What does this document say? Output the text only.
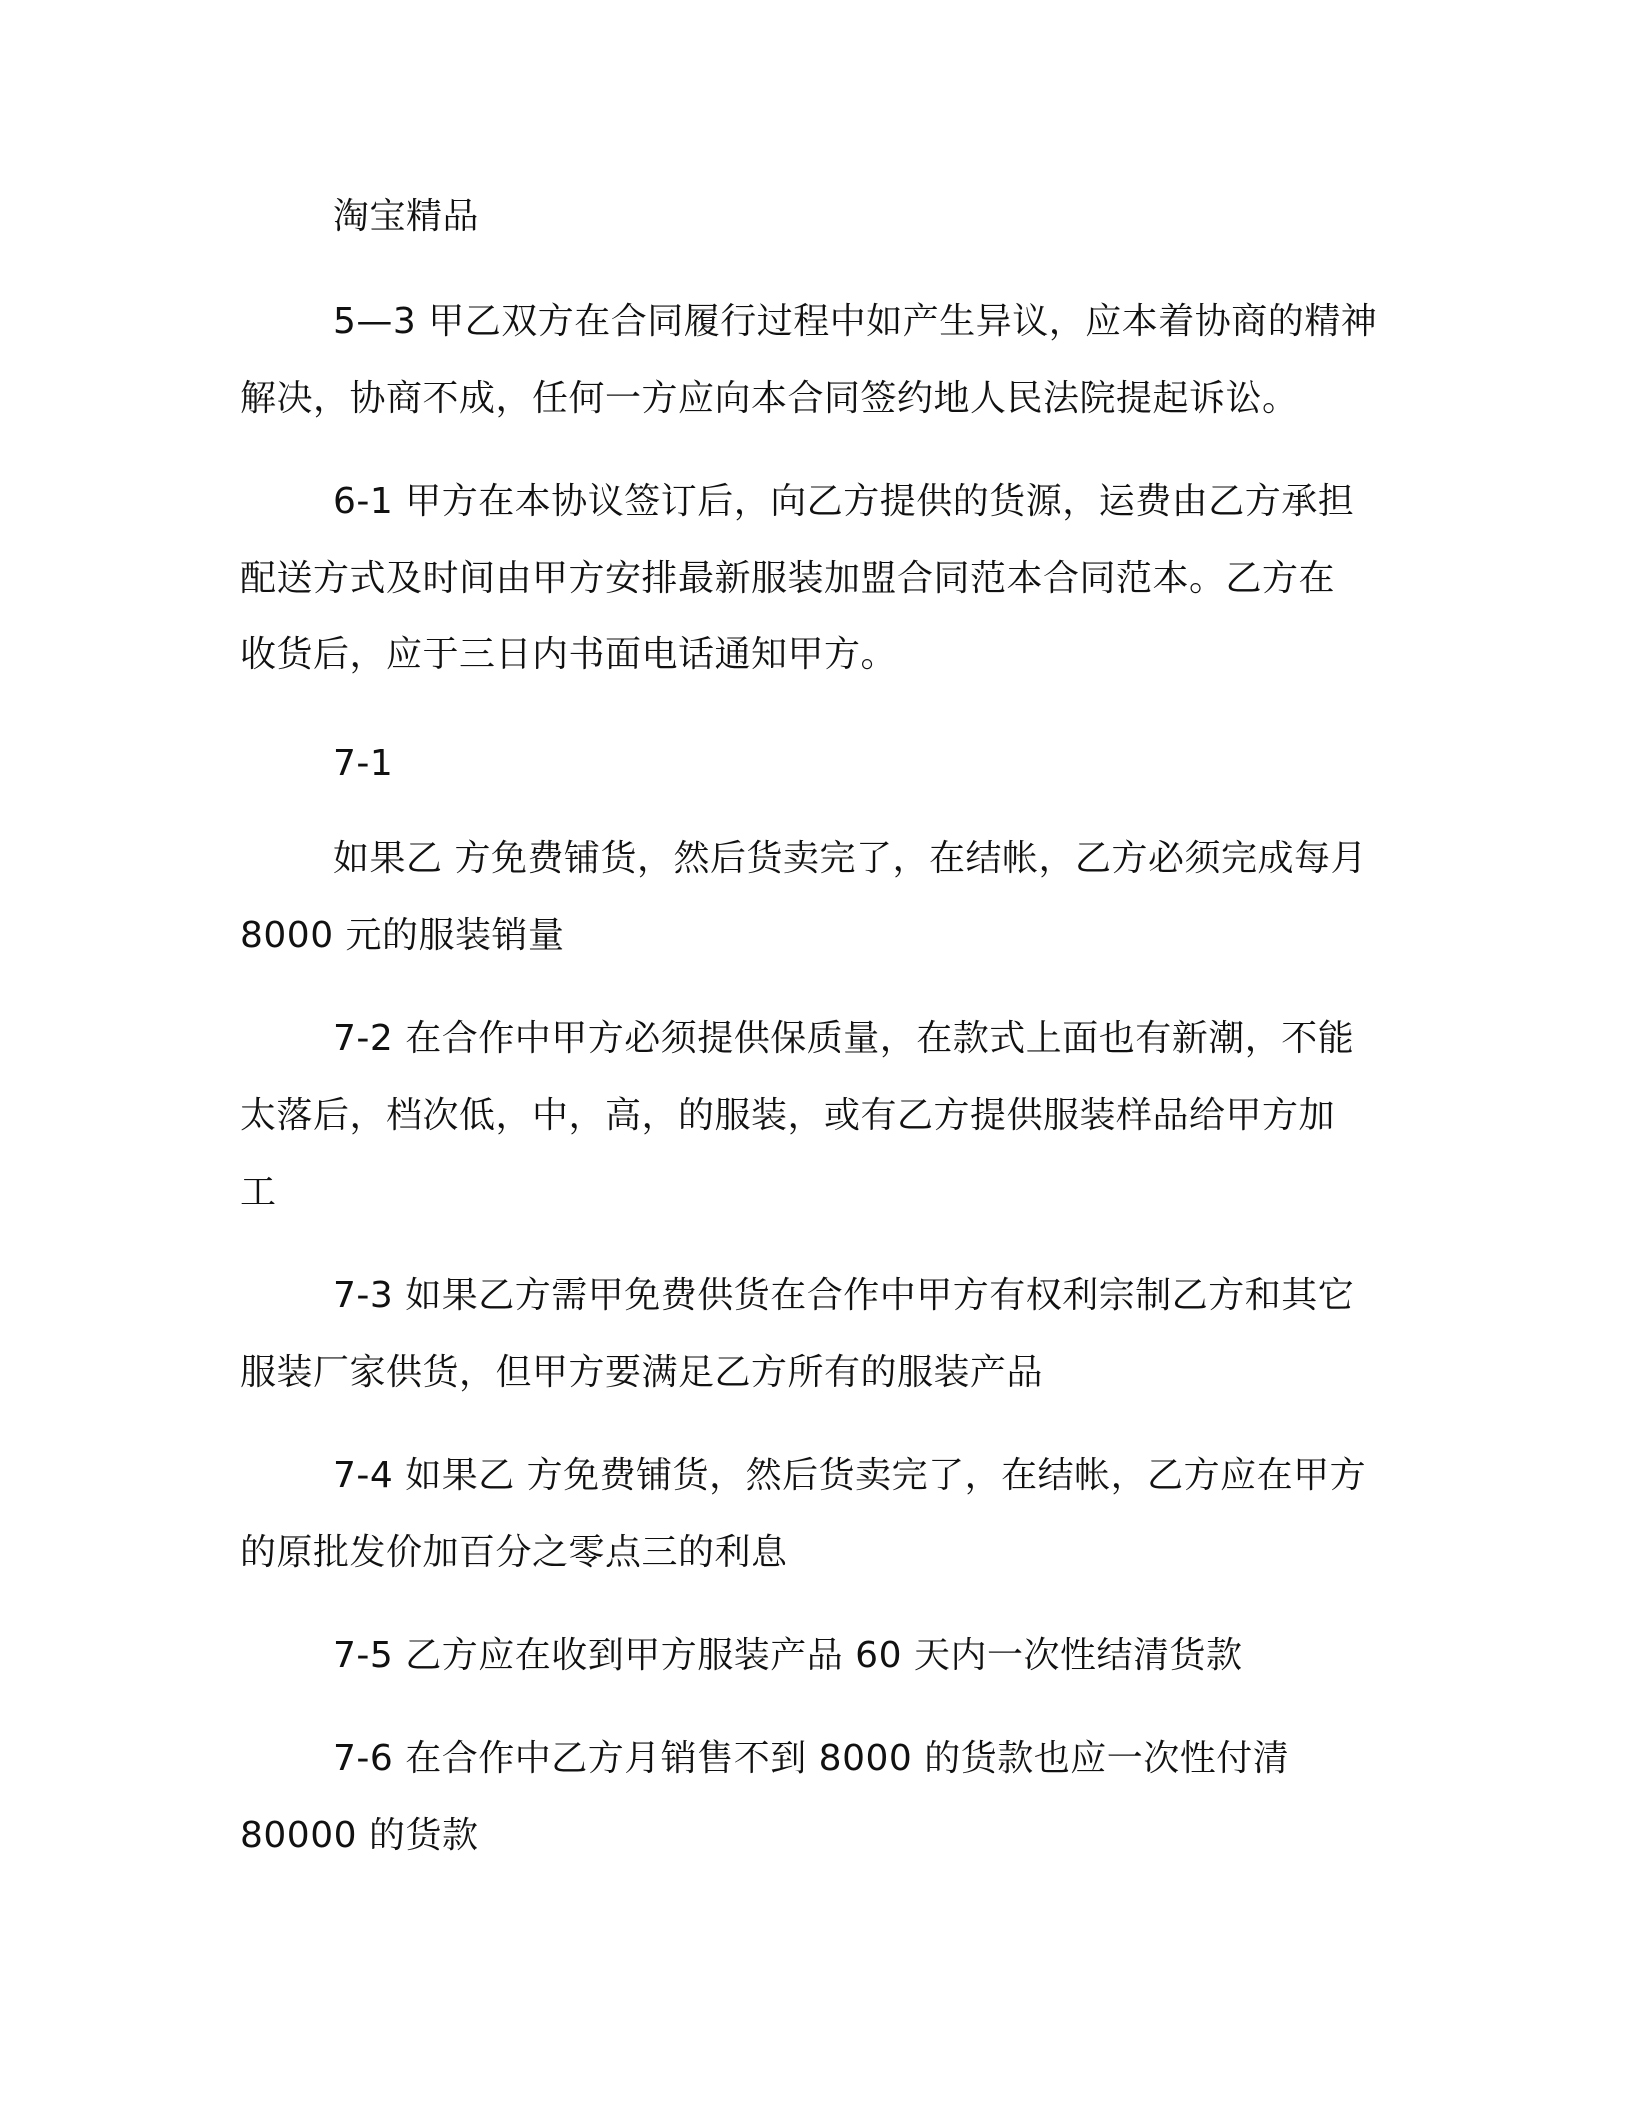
淘宝精品
5—3 甲乙双方在合同履行过程中如产生异议，应本着协商的精神
解决，协商不成，任何一方应向本合同签约地人民法院提起诉讼。
6-1 甲方在本协议签订后，向乙方提供的货源，运费由乙方承担
配送方式及时间由甲方安排最新服装加盟合同范本合同范本。乙方在
收货后，应于三日内书面电话通知甲方。
7-1
如果乙 方免费铺货，然后货卖完了，在结帐，乙方必须完成每月
8000 元的服装销量
7-2 在合作中甲方必须提供保质量，在款式上面也有新潮，不能
太落后，档次低，中，高，的服装，或有乙方提供服装样品给甲方加
工
7-3 如果乙方需甲免费供货在合作中甲方有权利宗制乙方和其它
服装厂家供货，但甲方要满足乙方所有的服装产品
7-4 如果乙 方免费铺货，然后货卖完了，在结帐，乙方应在甲方
的原批发价加百分之零点三的利息
7-5 乙方应在收到甲方服装产品 60 天内一次性结清货款
7-6 在合作中乙方月销售不到 8000 的货款也应一次性付清
80000 的货款
